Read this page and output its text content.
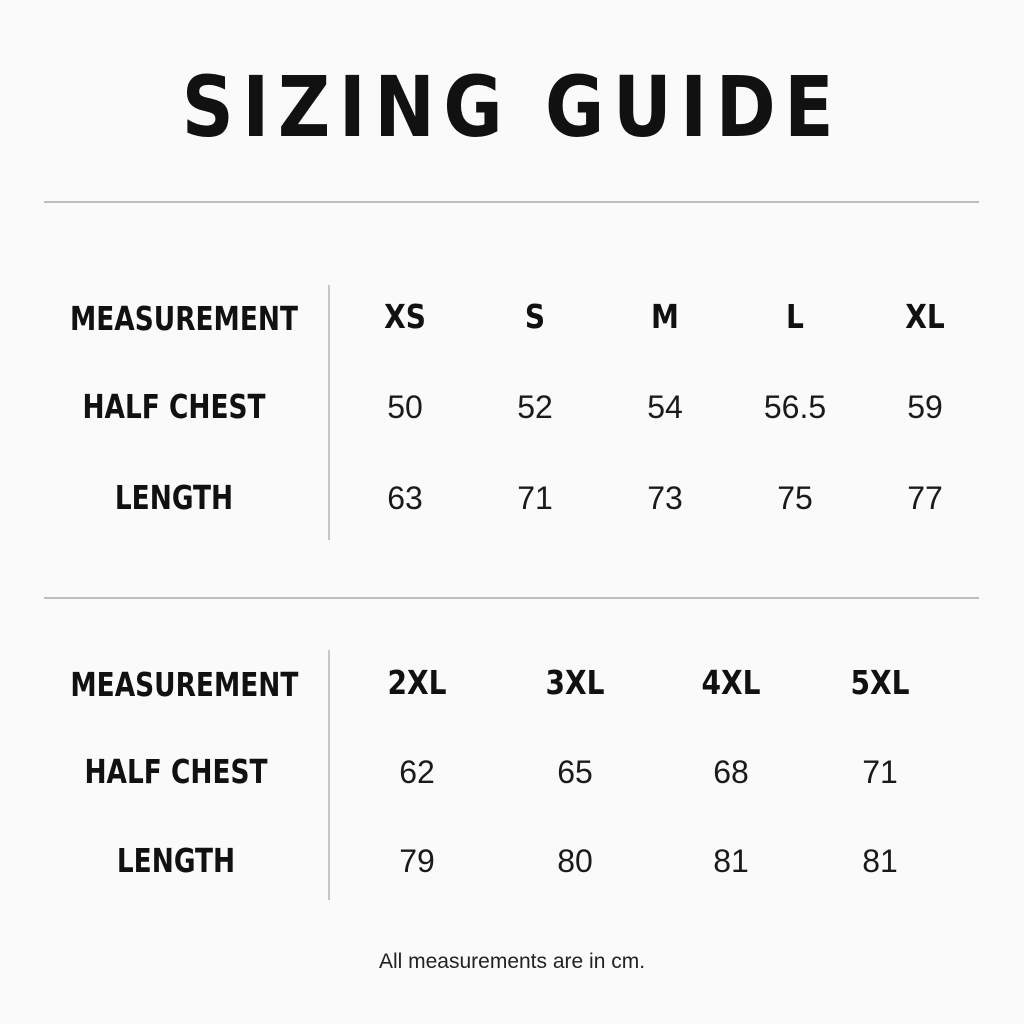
SIZING GUIDE
MEASUREMENT	XS	S	M	L	XL
HALF CHEST	50	52	54	56.5	59
LENGTH	63	71	73	75	77
MEASUREMENT	2XL	3XL	4XL	5XL
HALF CHEST	62	65	68	71
LENGTH	79	80	81	81
All measurements are in cm.
